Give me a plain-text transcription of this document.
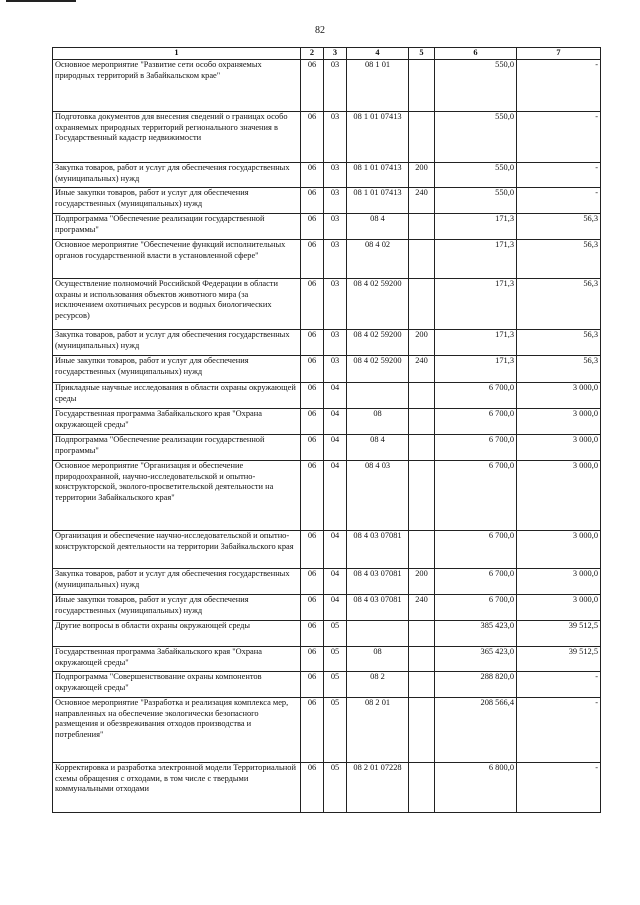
82
1	2	3	4	5	6	7
Основное мероприятие "Развитие сети особо охраняемых природных территорий в Забайкальском крае"	06	03	08 1 01		550,0	-
Подготовка документов для внесения сведений о границах особо охраняемых природных территорий регионального значения в Государственный кадастр недвижимости	06	03	08 1 01 07413		550,0	-
Закупка товаров, работ и услуг для обеспечения государственных (муниципальных) нужд	06	03	08 1 01 07413	200	550,0	-
Иные закупки товаров, работ и услуг для обеспечения государственных (муниципальных) нужд	06	03	08 1 01 07413	240	550,0	-
Подпрограмма "Обеспечение реализации государственной программы"	06	03	08 4		171,3	56,3
Основное мероприятие "Обеспечение функций исполнительных органов государственной власти в установленной сфере"	06	03	08 4 02		171,3	56,3
Осуществление полномочий Российской Федерации в области охраны и использования объектов животного мира (за исключением охотничьих ресурсов и водных биологических ресурсов)	06	03	08 4 02 59200		171,3	56,3
Закупка товаров, работ и услуг для обеспечения государственных (муниципальных) нужд	06	03	08 4 02 59200	200	171,3	56,3
Иные закупки товаров, работ и услуг для обеспечения государственных (муниципальных) нужд	06	03	08 4 02 59200	240	171,3	56,3
Прикладные научные исследования в области охраны окружающей среды	06	04			6 700,0	3 000,0
Государственная программа Забайкальского края "Охрана окружающей среды"	06	04	08		6 700,0	3 000,0
Подпрограмма "Обеспечение реализации государственной программы"	06	04	08 4		6 700,0	3 000,0
Основное мероприятие "Организация и обеспечение природоохранной, научно-исследовательской и опытно-конструкторской, эколого-просветительской деятельности на территории Забайкальского края"	06	04	08 4 03		6 700,0	3 000,0
Организация и обеспечение научно-исследовательской и опытно-конструкторской деятельности на территории Забайкальского края	06	04	08 4 03 07081		6 700,0	3 000,0
Закупка товаров, работ и услуг для обеспечения государственных (муниципальных) нужд	06	04	08 4 03 07081	200	6 700,0	3 000,0
Иные закупки товаров, работ и услуг для обеспечения государственных (муниципальных) нужд	06	04	08 4 03 07081	240	6 700,0	3 000,0
Другие вопросы в области охраны окружающей среды	06	05			385 423,0	39 512,5
Государственная программа Забайкальского края "Охрана окружающей среды"	06	05	08		365 423,0	39 512,5
Подпрограмма "Совершенствование охраны компонентов окружающей среды"	06	05	08 2		288 820,0	-
Основное мероприятие "Разработка и реализация комплекса мер, направленных на обеспечение экологически безопасного размещения и обезвреживания отходов производства и потребления"	06	05	08 2 01		208 566,4	-
Корректировка и разработка электронной модели Территориальной схемы обращения с отходами, в том числе с твердыми коммунальными отходами	06	05	08 2 01 07228		6 800,0	-
